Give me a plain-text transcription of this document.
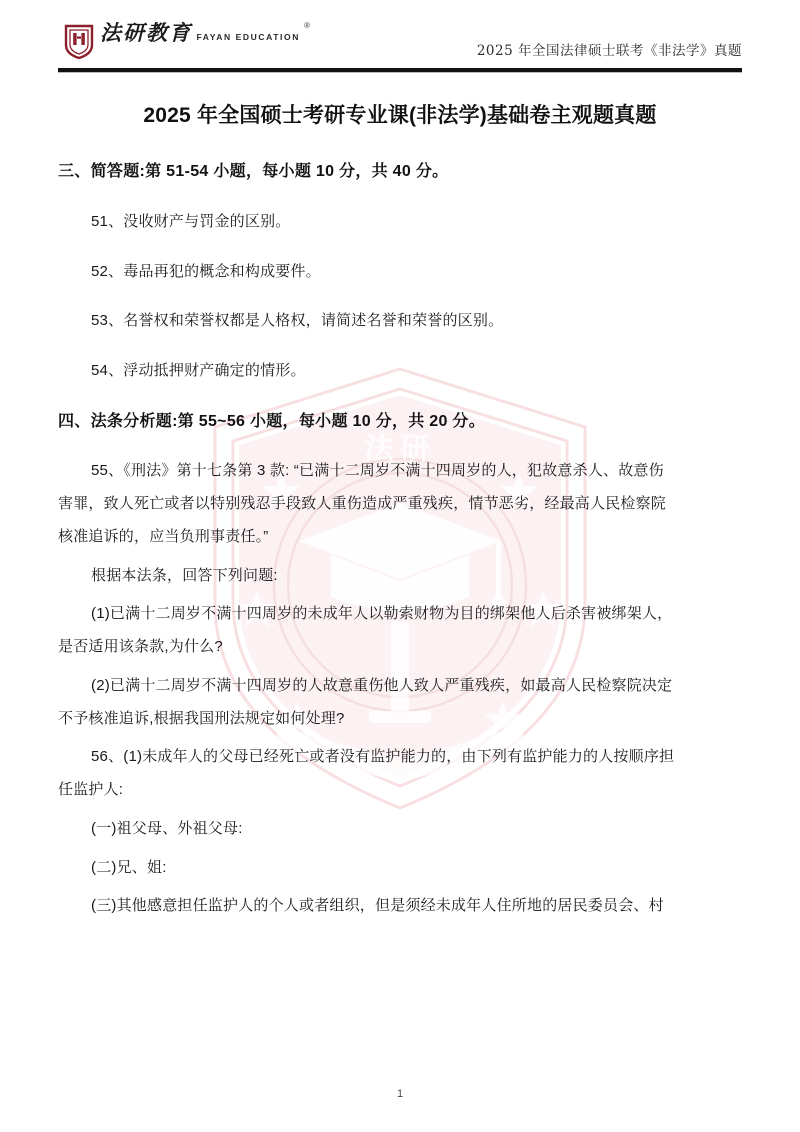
法研
法研教育	®
FAYAN EDUCATION
2025 年全国法律硕士联考《非法学》真题
2025 年全国硕士考研专业课(非法学)基础卷主观题真题
三、简答题:第 51-54 小题，每小题 10 分，共 40 分。
51、没收财产与罚金的区别。
52、毒品再犯的概念和构成要件。
53、名誉权和荣誉权都是人格权，请简述名誉和荣誉的区别。
54、浮动抵押财产确定的情形。
四、法条分析题:第 55~56 小题，每小题 10 分，共 20 分。
55、《刑法》第十七条第 3 款: “已满十二周岁不满十四周岁的人，犯故意杀人、故意伤
害罪，致人死亡或者以特别残忍手段致人重伤造成严重残疾，情节恶劣，经最高人民检察院
核准追诉的，应当负刑事责任。”
根据本法条，回答下列问题:
(1)已满十二周岁不满十四周岁的未成年人以勒索财物为目的绑架他人后杀害被绑架人，
是否适用该条款,为什么?
(2)已满十二周岁不满十四周岁的人故意重伤他人致人严重残疾，如最高人民检察院决定
不予核准追诉,根据我国刑法规定如何处理?
56、(1)未成年人的父母已经死亡或者没有监护能力的，由下列有监护能力的人按顺序担
任监护人:
(一)祖父母、外祖父母:
(二)兄、姐:
(三)其他感意担任监护人的个人或者组织，但是须经未成年人住所地的居民委员会、村
1
